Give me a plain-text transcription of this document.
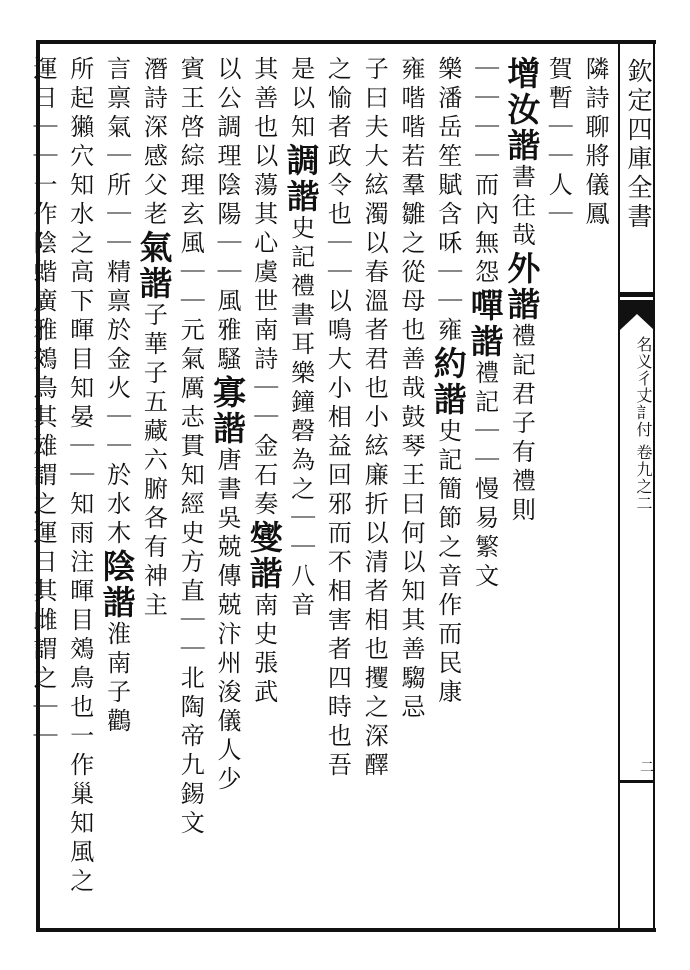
欽定四庫全書
名义彳丈訁付 卷九之二
二
隣詩聊將儀鳳
賀暫｜｜人｜
增汝諧書往哉外諧禮記君子有禮則
｜｜｜｜而內無怨嘽諧禮記｜｜慢易繁文
樂潘岳笙賦含咊｜｜雍約諧史記簡節之音作而民康
雍喈喈若羣雛之從母也善哉鼓琴王曰何以知其善騶忌
子曰夫大絃濁以春溫者君也小絃廉折以清者相也攫之深醳
之愉者政令也｜｜以鳴大小相益回邪而不相害者四時也吾
是以知調諧史記禮書耳樂鐘磬為之｜｜八音
其善也以蕩其心虞世南詩｜｜金石奏燮諧南史張武
以公調理陰陽｜｜風雅騷寡諧唐書吳兢傳兢汴州浚儀人少
賓王啓綜理玄風｜｜元氣厲志貫知經史方直｜｜北陶帝九錫文
潛詩深感父老氣諧子華子五藏六腑各有神主
言禀氣｜所｜｜精禀於金火｜｜於水木陰諧淮南子鸛
所起獺穴知水之高下暉目知晏｜｜知雨注暉目鵁鳥也一作巢知風之
運日｜｜一作陰蝔廣雅鵁鳥其雄謂之運日其雌謂之｜｜
